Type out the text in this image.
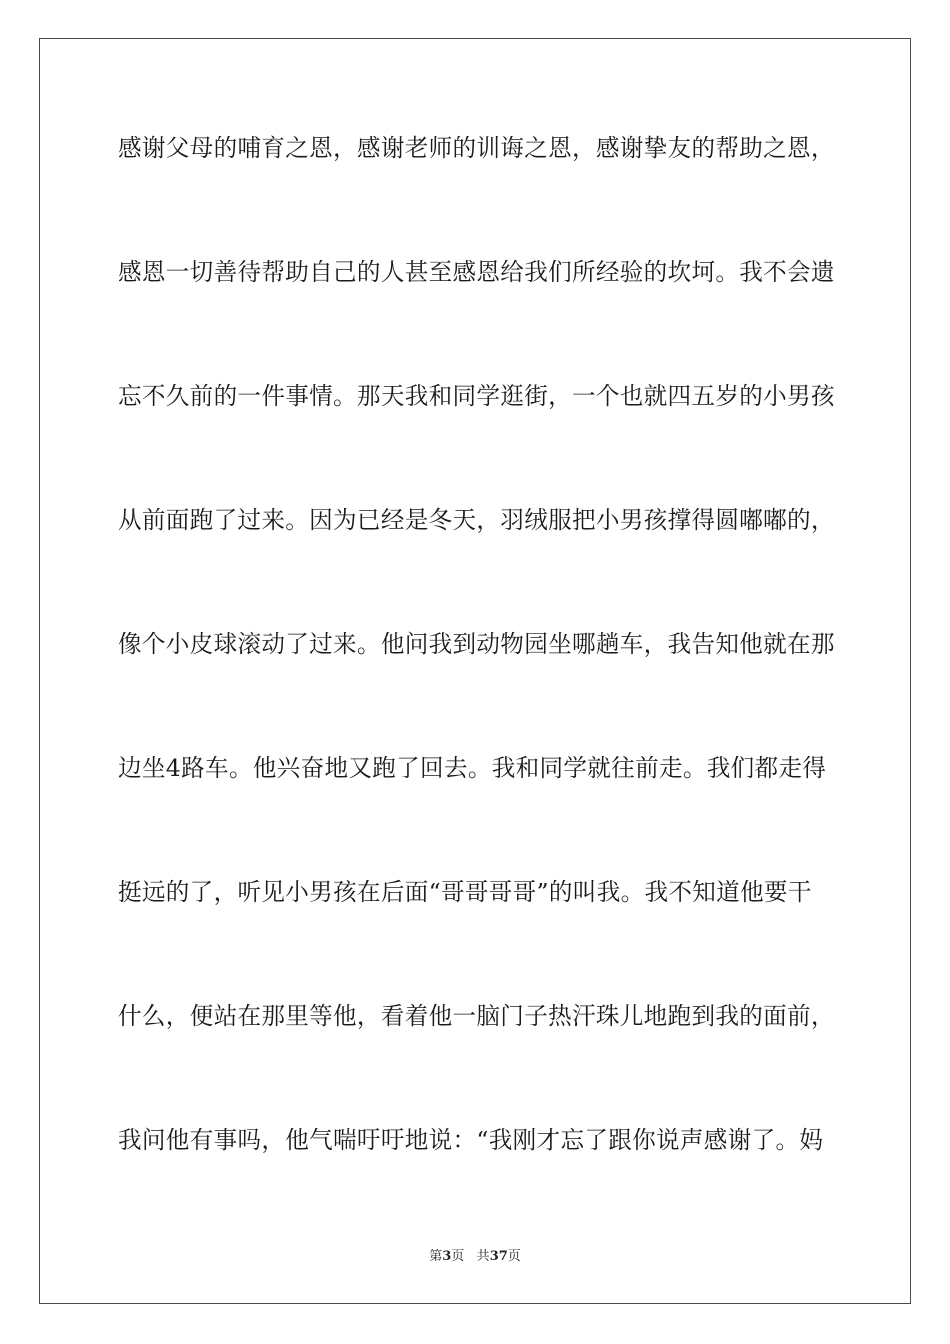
感谢父母的哺育之恩，感谢老师的训诲之恩，感谢挚友的帮助之恩，
感恩一切善待帮助自己的人甚至感恩给我们所经验的坎坷。我不会遗
忘不久前的一件事情。那天我和同学逛街，一个也就四五岁的小男孩
从前面跑了过来。因为已经是冬天，羽绒服把小男孩撑得圆嘟嘟的，
像个小皮球滚动了过来。他问我到动物园坐哪趟车，我告知他就在那
边坐4路车。他兴奋地又跑了回去。我和同学就往前走。我们都走得
挺远的了，听见小男孩在后面“哥哥哥哥”的叫我。我不知道他要干
什么，便站在那里等他，看着他一脑门子热汗珠儿地跑到我的面前，
我问他有事吗，他气喘吁吁地说：“我刚才忘了跟你说声感谢了。妈
第3页 共37页
